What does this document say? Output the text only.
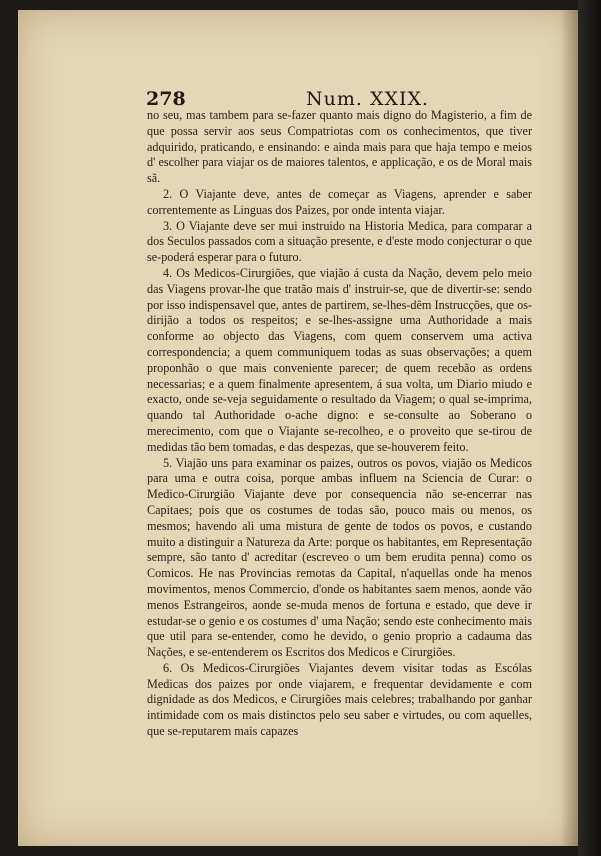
278	Num. XXIX.

no seu, mas tambem para se-fazer quanto mais digno do Magisterio, a fim de que possa servir aos seus Compatriotas com os conhecimentos, que tiver adquirido, praticando, e ensinando: e ainda mais para que haja tempo e meios d' escolher para viajar os de maiores talentos, e applicação, e os de Moral mais sã.

2. O Viajante deve, antes de começar as Viagens, aprender e saber correntemente as Linguas dos Paizes, por onde intenta viajar.

3. O Viajante deve ser mui instruido na Historia Medica, para comparar a dos Seculos passados com a situação presente, e d'este modo conjecturar o que se-poderá esperar para o futuro.

4. Os Medicos-Cirurgiões, que viajão á custa da Nação, devem pelo meio das Viagens provar-lhe que tratão mais d' instruir-se, que de divertir-se: sendo por isso indispensavel que, antes de partirem, se-lhes-dêm Instrucções, que os-dirijão a todos os respeitos; e se-lhes-assigne uma Authoridade a mais conforme ao objecto das Viagens, com quem conservem uma activa correspondencia; a quem communiquem todas as suas observações; a quem proponhão o que mais conveniente parecer; de quem recebão as ordens necessarias; e a quem finalmente apresentem, á sua volta, um Diario miudo e exacto, onde se-veja seguidamente o resultado da Viagem; o qual se-imprima, quando tal Authoridade o-ache digno: e se-consulte ao Soberano o merecimento, com que o Viajante se-recolheo, e o proveito que se-tirou de medidas tão bem tomadas, e das despezas, que se-houverem feito.

5. Viajão uns para examinar os paizes, outros os povos, viajão os Medicos para uma e outra coisa, porque ambas influem na Sciencia de Curar: o Medico-Cirurgião Viajante deve por consequencia não se-encerrar nas Capitaes; pois que os costumes de todas são, pouco mais ou menos, os mesmos; havendo ali uma mistura de gente de todos os povos, e custando muito a distinguir a Natureza da Arte: porque os habitantes, em Representação sempre, são tanto d' acreditar (escreveo o um bem erudita penna) como os Comicos. He nas Provincias remotas da Capital, n'aquellas onde ha menos movimentos, menos Commercio, d'onde os habitantes saem menos, aonde vão menos Estrangeiros, aonde se-muda menos de fortuna e estado, que deve ir estudar-se o genio e os costumes d' uma Nação; sendo este conhecimento mais que util para se-entender, como he devido, o genio proprio a cadauma das Nações, e se-entenderem os Escritos dos Medicos e Cirurgiões.

6. Os Medicos-Cirurgiões Viajantes devem visitar todas as Escólas Medicas dos paizes por onde viajarem, e frequentar devidamente e com dignidade as dos Medicos, e Cirurgiões mais celebres; trabalhando por ganhar intimidade com os mais distinctos pelo seu saber e virtudes, ou com aquelles, que se-reputarem mais capazes
